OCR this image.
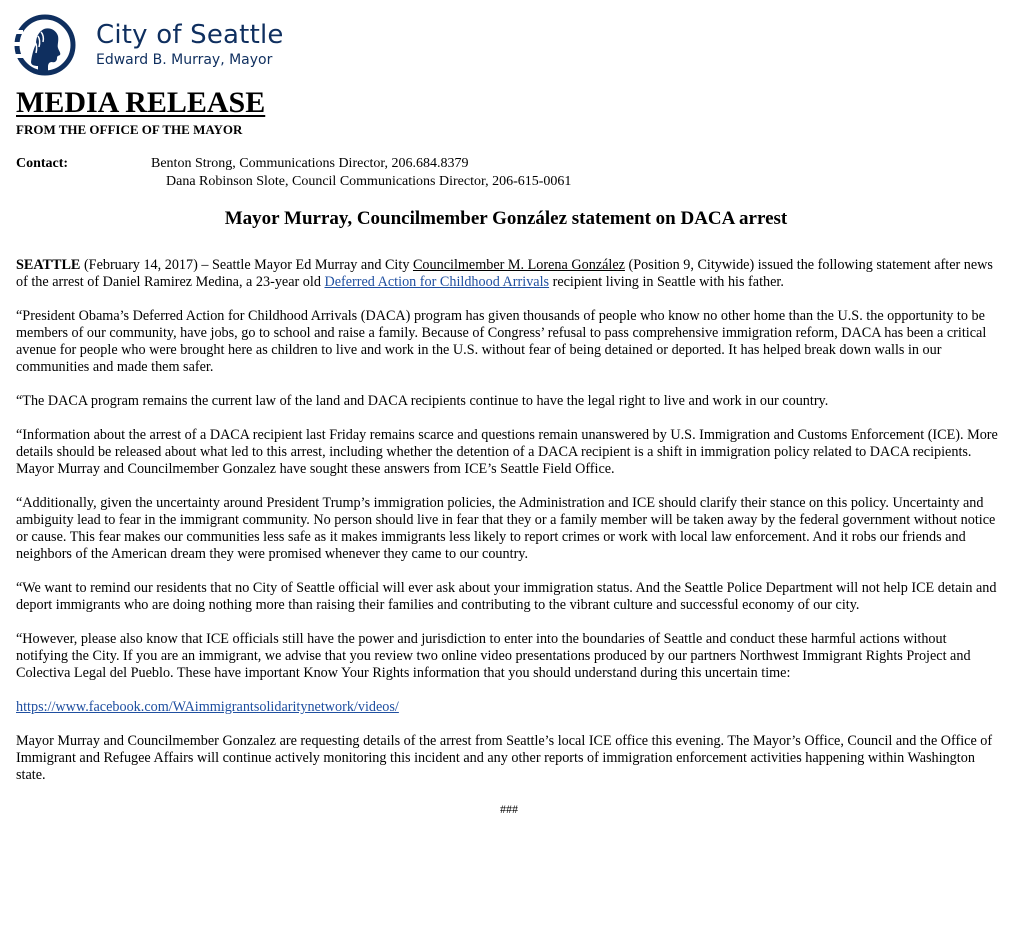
City of Seattle
Edward B. Murray, Mayor
MEDIA RELEASE
FROM THE OFFICE OF THE MAYOR
Contact:	Benton Strong, Communications Director, 206.684.8379
Dana Robinson Slote, Council Communications Director, 206-615-0061
Mayor Murray, Councilmember González statement on DACA arrest

SEATTLE (February 14, 2017) – Seattle Mayor Ed Murray and City Councilmember M. Lorena González (Position 9, Citywide) issued the following statement after news of the arrest of Daniel Ramirez Medina, a 23-year old Deferred Action for Childhood Arrivals recipient living in Seattle with his father.

“President Obama’s Deferred Action for Childhood Arrivals (DACA) program has given thousands of people who know no other home than the U.S. the opportunity to be members of our community, have jobs, go to school and raise a family. Because of Congress’ refusal to pass comprehensive immigration reform, DACA has been a critical avenue for people who were brought here as children to live and work in the U.S. without fear of being detained or deported. It has helped break down walls in our communities and made them safer.

“The DACA program remains the current law of the land and DACA recipients continue to have the legal right to live and work in our country.

“Information about the arrest of a DACA recipient last Friday remains scarce and questions remain unanswered by U.S. Immigration and Customs Enforcement (ICE). More details should be released about what led to this arrest, including whether the detention of a DACA recipient is a shift in immigration policy related to DACA recipients. Mayor Murray and Councilmember Gonzalez have sought these answers from ICE’s Seattle Field Office.

“Additionally, given the uncertainty around President Trump’s immigration policies, the Administration and ICE should clarify their stance on this policy. Uncertainty and ambiguity lead to fear in the immigrant community. No person should live in fear that they or a family member will be taken away by the federal government without notice or cause. This fear makes our communities less safe as it makes immigrants less likely to report crimes or work with local law enforcement. And it robs our friends and neighbors of the American dream they were promised whenever they came to our country.

“We want to remind our residents that no City of Seattle official will ever ask about your immigration status. And the Seattle Police Department will not help ICE detain and deport immigrants who are doing nothing more than raising their families and contributing to the vibrant culture and successful economy of our city.

“However, please also know that ICE officials still have the power and jurisdiction to enter into the boundaries of Seattle and conduct these harmful actions without notifying the City. If you are an immigrant, we advise that you review two online video presentations produced by our partners Northwest Immigrant Rights Project and Colectiva Legal del Pueblo. These have important Know Your Rights information that you should understand during this uncertain time:

https://www.facebook.com/WAimmigrantsolidaritynetwork/videos/

Mayor Murray and Councilmember Gonzalez are requesting details of the arrest from Seattle’s local ICE office this evening. The Mayor’s Office, Council and the Office of Immigrant and Refugee Affairs will continue actively monitoring this incident and any other reports of immigration enforcement activities happening within Washington state.

###
